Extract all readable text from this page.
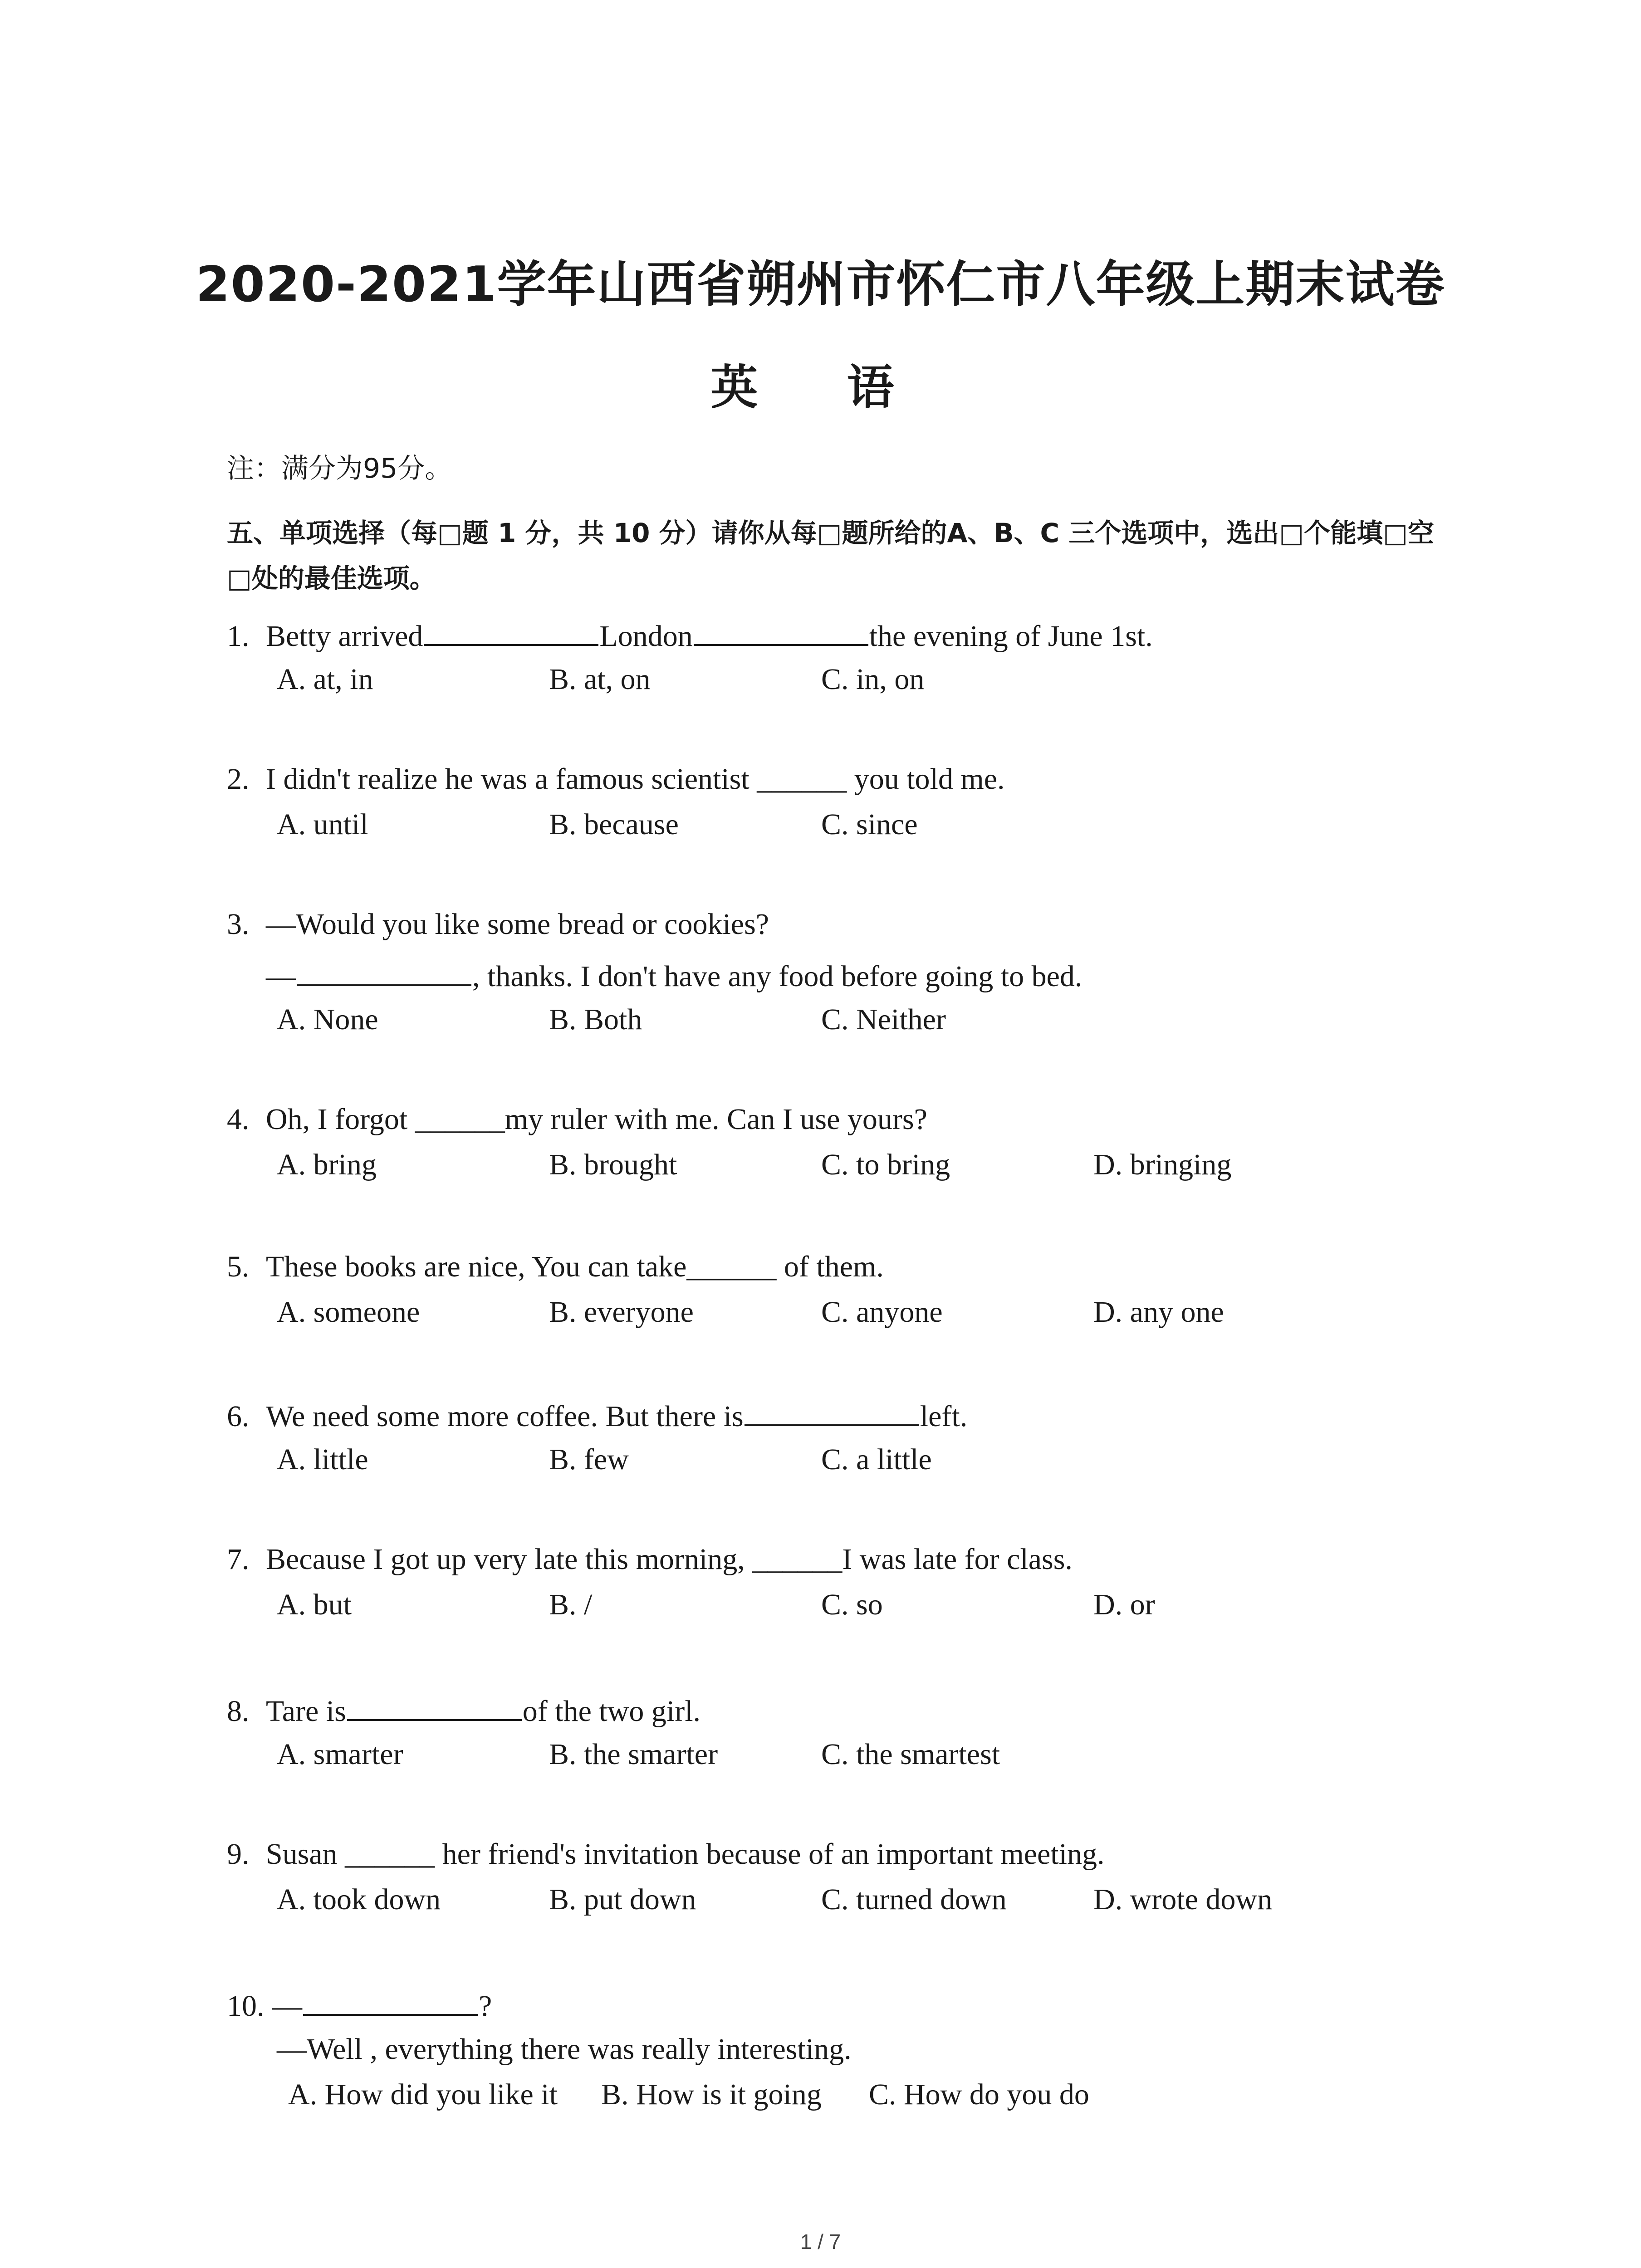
2020-2021学年山西省朔州市怀仁市八年级上期末试卷
英 语
注：满分为95分。
五、单项选择（每□题 1 分，共 10 分）请你从每□题所给的A、B、C 三个选项中，选出□个能填□空□处的最佳选项。
1. Betty arrived	London	the evening of June 1st.
A. at, in	B. at, on	C. in, on
2. I didn't realize he was a famous scientist ______ you told me.
A. until	B. because	C. since
3. —Would you like some bread or cookies?
—	, thanks. I don't have any food before going to bed.
A. None	B. Both	C. Neither
4. Oh, I forgot ______my ruler with me. Can I use yours?
A. bring	B. brought	C. to bring	D. bringing
5. These books are nice, You can take______ of them.
A. someone	B. everyone	C. anyone	D. any one
6. We need some more coffee. But there is	left.
A. little	B. few	C. a little
7. Because I got up very late this morning, ______I was late for class.
A. but	B. /	C. so	D. or
8. Tare is	of the two girl.
A. smarter	B. the smarter	C. the smartest
9. Susan ______ her friend's invitation because of an important meeting.
A. took down	B. put down	C. turned down	D. wrote down
10. —	?
—Well , everything there was really interesting.
A. How did you like it B. How is it going C. How do you do
1 / 7
